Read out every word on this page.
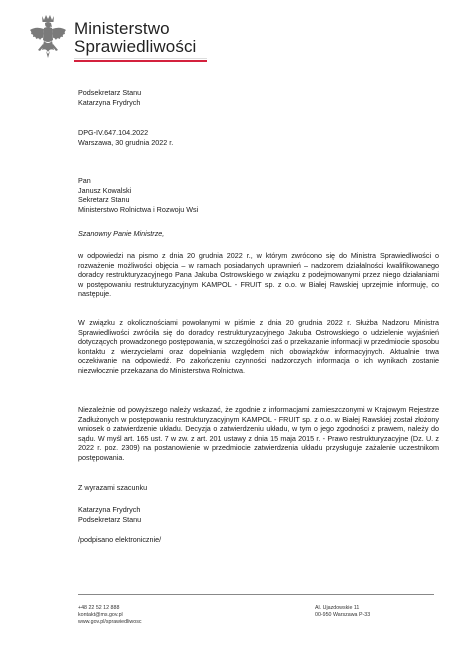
Ministerstwo
Sprawiedliwości
Podsekretarz Stanu
Katarzyna Frydrych
DPG-IV.647.104.2022
Warszawa, 30 grudnia 2022 r.
Pan
Janusz Kowalski
Sekretarz Stanu
Ministerstwo Rolnictwa i Rozwoju Wsi
Szanowny Panie Ministrze,
w odpowiedzi na pismo z dnia 20 grudnia 2022 r., w którym zwrócono się do Ministra Sprawiedliwości o rozważenie możliwości objęcia – w ramach posiadanych uprawnień – nadzorem działalności kwalifikowanego doradcy restrukturyzacyjnego Pana Jakuba Ostrowskiego w związku z podejmowanymi przez niego działaniami w postępowaniu restrukturyzacyjnym KAMPOL - FRUIT sp. z o.o. w Białej Rawskiej uprzejmie informuję, co następuje.
W związku z okolicznościami powołanymi w piśmie z dnia 20 grudnia 2022 r. Służba Nadzoru Ministra Sprawiedliwości zwróciła się do doradcy restrukturyzacyjnego Jakuba Ostrowskiego o udzielenie wyjaśnień dotyczących prowadzonego postępowania, w szczególności zaś o przekazanie informacji w przedmiocie sposobu kontaktu z wierzycielami oraz dopełniania względem nich obowiązków informacyjnych. Aktualnie trwa oczekiwanie na odpowiedź. Po zakończeniu czynności nadzorczych informacja o ich wynikach zostanie niezwłocznie przekazana do Ministerstwa Rolnictwa.
Niezależnie od powyższego należy wskazać, że zgodnie z informacjami zamieszczonymi w Krajowym Rejestrze Zadłużonych w postępowaniu restrukturyzacyjnym KAMPOL - FRUIT sp. z o.o. w Białej Rawskiej został złożony wniosek o zatwierdzenie układu. Decyzja o zatwierdzeniu układu, w tym o jego zgodności z prawem, należy do sądu. W myśl art. 165 ust. 7 w zw. z art. 201 ustawy z dnia 15 maja 2015 r. - Prawo restrukturyzacyjne (Dz. U. z 2022 r. poz. 2309) na postanowienie w przedmiocie zatwierdzenia układu przysługuje zażalenie uczestnikom postępowania.
Z wyrazami szacunku
Katarzyna Frydrych
Podsekretarz Stanu
/podpisano elektronicznie/
+48 22 52 12 888
kontakt@ms.gov.pl
www.gov.pl/sprawiedliwosc
Al. Ujazdowskie 11
00-950 Warszawa P-33
